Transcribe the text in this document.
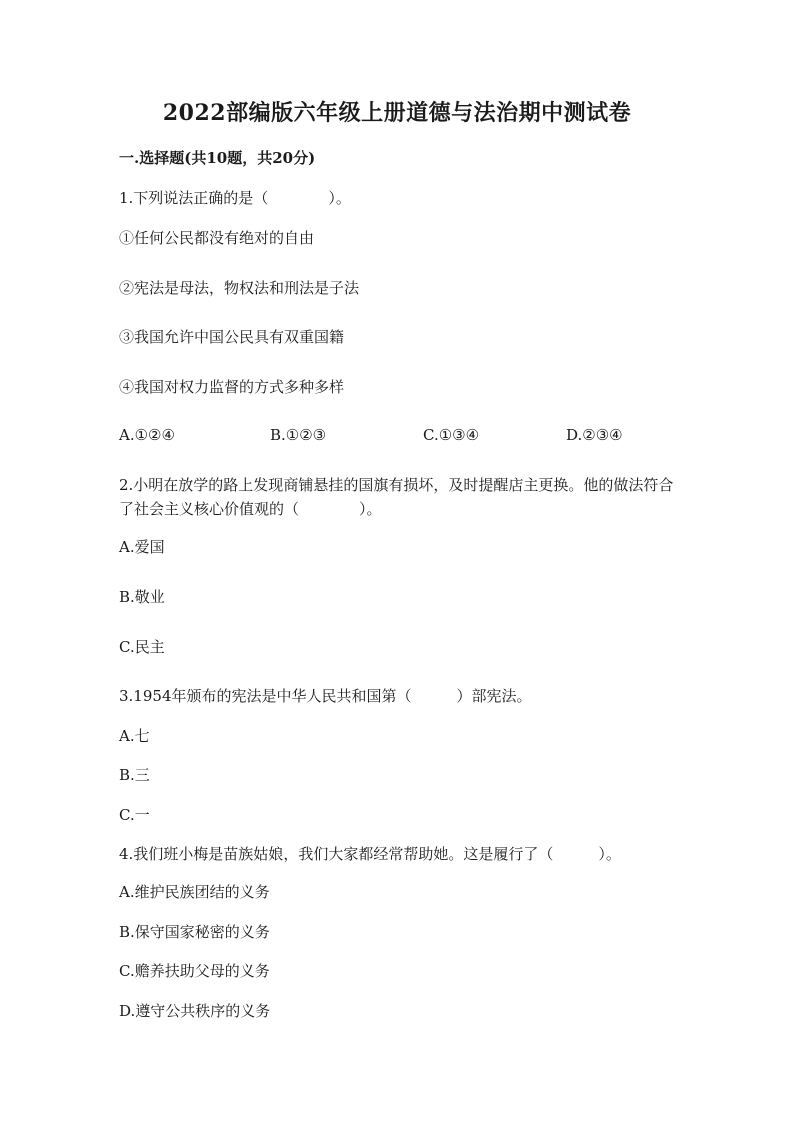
2022部编版六年级上册道德与法治期中测试卷
一.选择题(共10题，共20分)
1.下列说法正确的是（　　　　）。
①任何公民都没有绝对的自由
②宪法是母法，物权法和刑法是子法
③我国允许中国公民具有双重国籍
④我国对权力监督的方式多种多样
A.①②④	B.①②③	C.①③④	D.②③④
2.小明在放学的路上发现商铺悬挂的国旗有损坏，及时提醒店主更换。他的做法符合了社会主义核心价值观的（　　　　）。
A.爱国
B.敬业
C.民主
3.1954年颁布的宪法是中华人民共和国第（　　　）部宪法。
A.七
B.三
C.一
4.我们班小梅是苗族姑娘，我们大家都经常帮助她。这是履行了（　　　）。
A.维护民族团结的义务
B.保守国家秘密的义务
C.赡养扶助父母的义务
D.遵守公共秩序的义务
